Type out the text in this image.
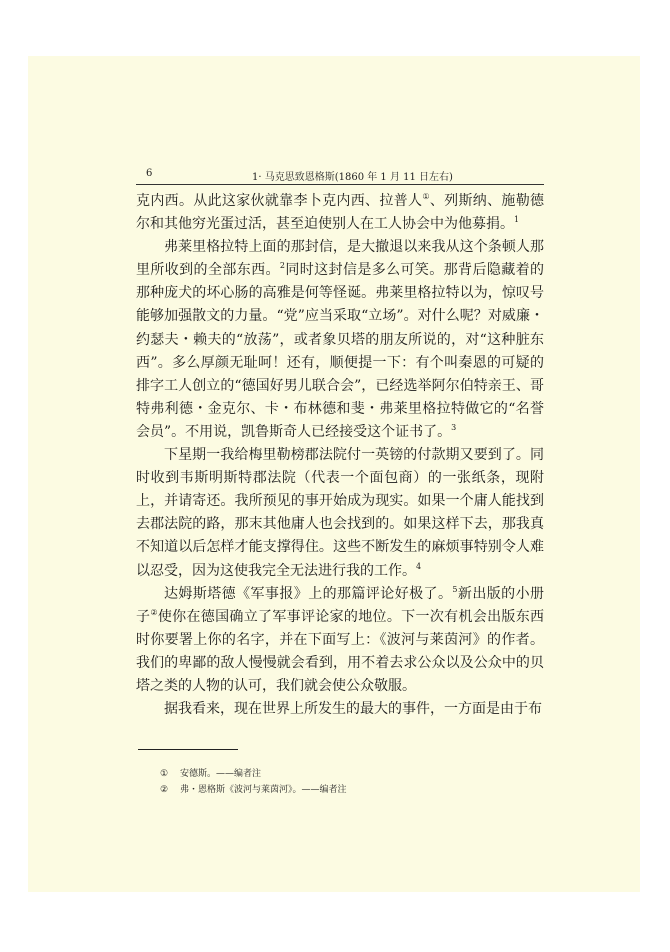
6	1· 马克思致恩格斯(1860 年 1 月 11 日左右)

克内西。从此这家伙就靠李卜克内西、拉普人①、列斯纳、施勒德尔和其他穷光蛋过活，甚至迫使别人在工人协会中为他募捐。$^1$

弗莱里格拉特上面的那封信，是大撤退以来我从这个条顿人那里所收到的全部东西。$^2$同时这封信是多么可笑。那背后隐藏着的那种庞犬的坏心肠的高雅是何等怪诞。弗莱里格拉特以为，惊叹号能够加强散文的力量。“党”应当采取“立场”。对什么呢？对威廉・约瑟夫・赖夫的“放荡”，或者象贝塔的朋友所说的，对“这种脏东西”。多么厚颜无耻呵！还有，顺便提一下：有个叫秦恩的可疑的排字工人创立的“德国好男儿联合会”，已经选举阿尔伯特亲王、哥特弗利德・金克尔、卡・布林德和斐・弗莱里格拉特做它的“名誉会员”。不用说，凯鲁斯奇人已经接受这个证书了。$^3$

下星期一我给梅里勒榜郡法院付一英镑的付款期又要到了。同时收到韦斯明斯特郡法院（代表一个面包商）的一张纸条，现附上，并请寄还。我所预见的事开始成为现实。如果一个庸人能找到去郡法院的路，那末其他庸人也会找到的。如果这样下去，那我真不知道以后怎样才能支撑得住。这些不断发生的麻烦事特别令人难以忍受，因为这使我完全无法进行我的工作。$^4$

达姆斯塔德《军事报》上的那篇评论好极了。$^5$新出版的小册子②使你在德国确立了军事评论家的地位。下一次有机会出版东西时你要署上你的名字，并在下面写上：《波河与莱茵河》的作者。我们的卑鄙的敌人慢慢就会看到，用不着去求公众以及公众中的贝塔之类的人物的认可，我们就会使公众敬服。

据我看来，现在世界上所发生的最大的事件，一方面是由于布

① 安德斯。——编者注
② 弗・恩格斯《波河与莱茵河》。——编者注
